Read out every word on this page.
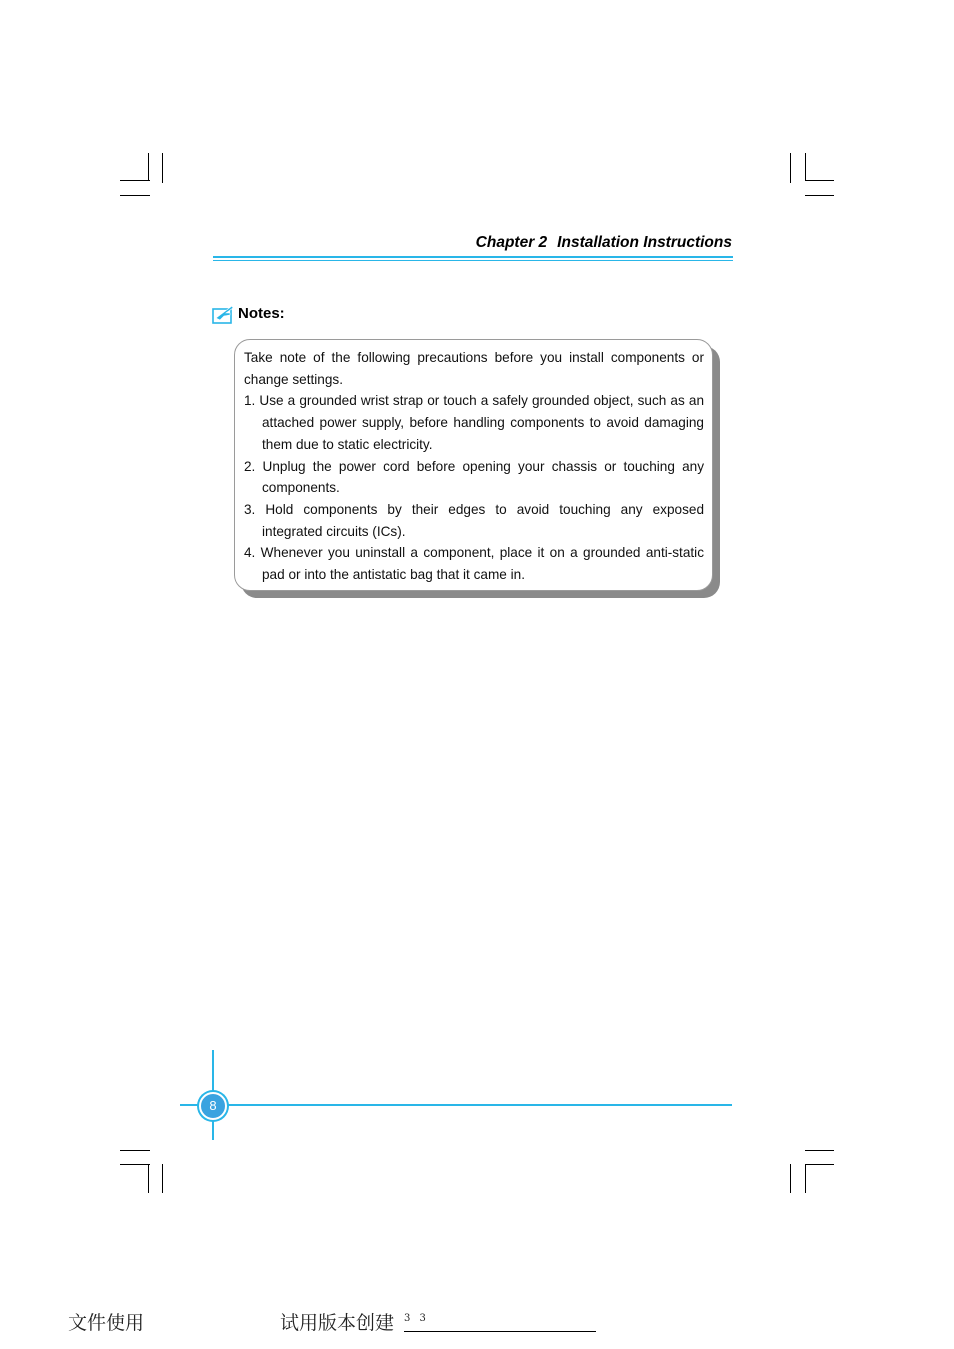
Chapter 2 Installation Instructions
Notes:

Take note of the following precautions before you install components or change settings.

1. Use a grounded wrist strap or touch a safely grounded object, such as an attached power supply, before handling components to avoid damaging them due to static electricity.

2. Unplug the power cord before opening your chassis or touching any components.

3. Hold components by their edges to avoid touching any exposed integrated circuits (ICs).

4. Whenever you uninstall a component, place it on a grounded anti-static pad or into the antistatic bag that it came in.

8
文件使用	试用版本创建 3 3
